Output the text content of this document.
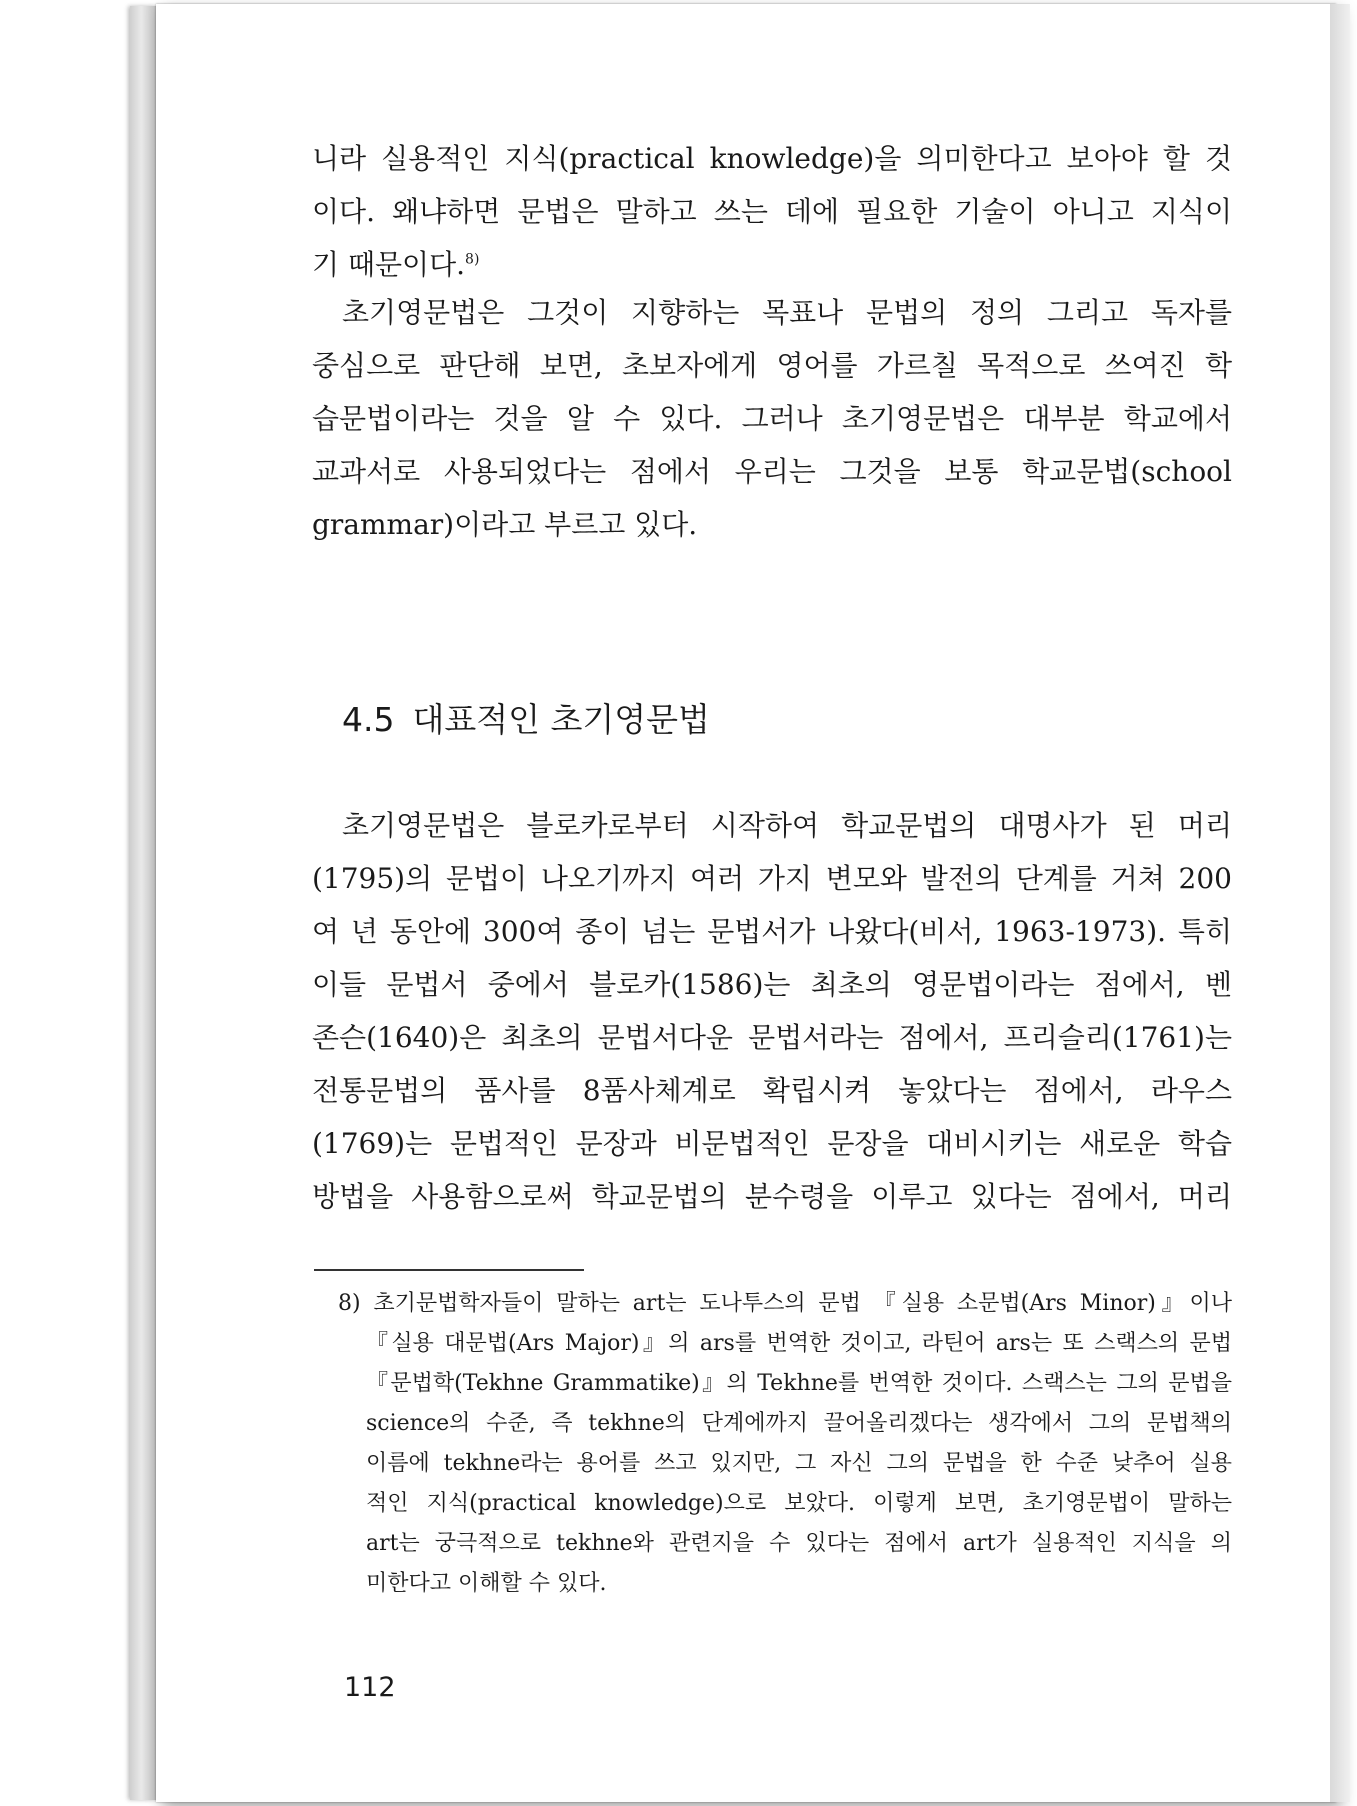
니라 실용적인 지식(practical knowledge)을 의미한다고 보아야 할 것
이다. 왜냐하면 문법은 말하고 쓰는 데에 필요한 기술이 아니고 지식이
기 때문이다.$^{8)}$

초기영문법은 그것이 지향하는 목표나 문법의 정의 그리고 독자를
중심으로 판단해 보면, 초보자에게 영어를 가르칠 목적으로 쓰여진 학
습문법이라는 것을 알 수 있다. 그러나 초기영문법은 대부분 학교에서
교과서로 사용되었다는 점에서 우리는 그것을 보통 학교문법(school
grammar)이라고 부르고 있다.

4.5 대표적인 초기영문법

초기영문법은 블로카로부터 시작하여 학교문법의 대명사가 된 머리
(1795)의 문법이 나오기까지 여러 가지 변모와 발전의 단계를 거쳐 200
여 년 동안에 300여 종이 넘는 문법서가 나왔다(비서, 1963-1973). 특히
이들 문법서 중에서 블로카(1586)는 최초의 영문법이라는 점에서, 벤
존슨(1640)은 최초의 문법서다운 문법서라는 점에서, 프리슬리(1761)는
전통문법의 품사를 8품사체계로 확립시켜 놓았다는 점에서, 라우스
(1769)는 문법적인 문장과 비문법적인 문장을 대비시키는 새로운 학습
방법을 사용함으로써 학교문법의 분수령을 이루고 있다는 점에서, 머리

8) 초기문법학자들이 말하는 art는 도나투스의 문법 『실용 소문법(Ars Minor)』이나
『실용 대문법(Ars Major)』의 ars를 번역한 것이고, 라틴어 ars는 또 스랙스의 문법
『문법학(Tekhne Grammatike)』의 Tekhne를 번역한 것이다. 스랙스는 그의 문법을
science의 수준, 즉 tekhne의 단계에까지 끌어올리겠다는 생각에서 그의 문법책의
이름에 tekhne라는 용어를 쓰고 있지만, 그 자신 그의 문법을 한 수준 낮추어 실용
적인 지식(practical knowledge)으로 보았다. 이렇게 보면, 초기영문법이 말하는
art는 궁극적으로 tekhne와 관련지을 수 있다는 점에서 art가 실용적인 지식을 의
미한다고 이해할 수 있다.
112
